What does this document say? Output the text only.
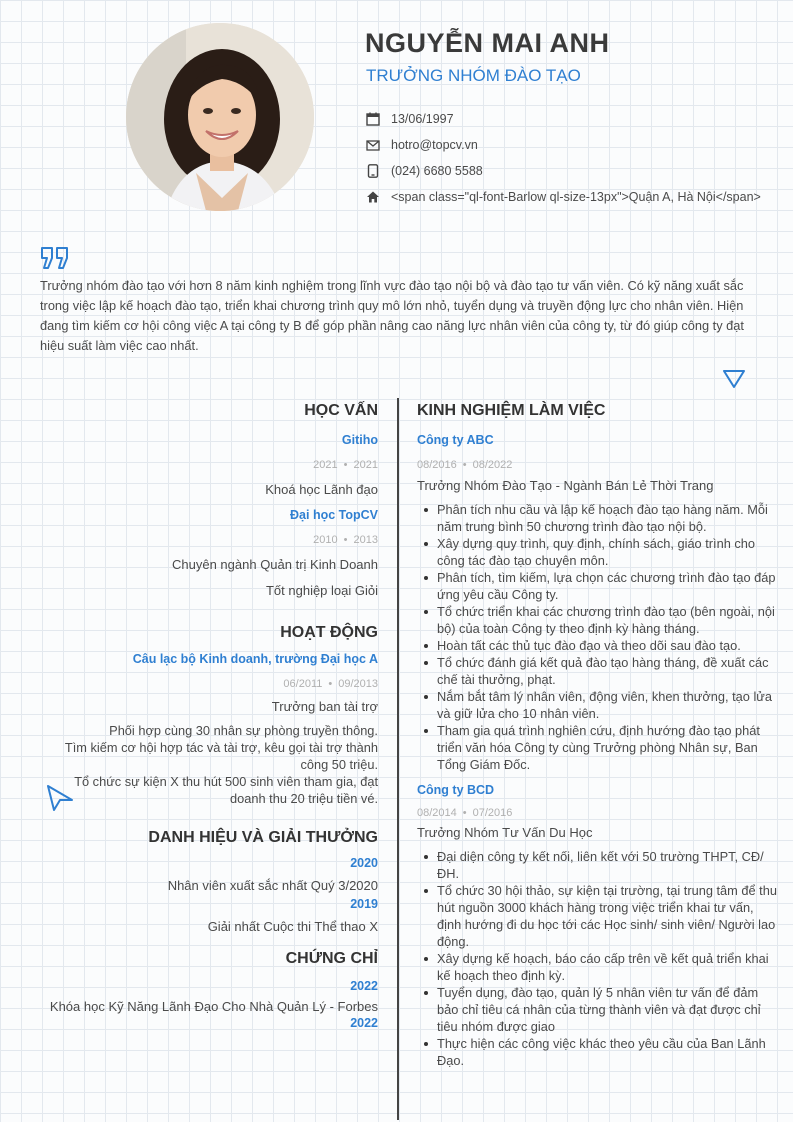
NGUYỄN MAI ANH
TRƯỞNG NHÓM ĐÀO TẠO
13/06/1997
hotro@topcv.vn
(024) 6680 5588
<span class="ql-font-Barlow ql-size-13px">Quận A, Hà Nội</span>
Trưởng nhóm đào tạo với hơn 8 năm kinh nghiệm trong lĩnh vực đào tạo nội bộ và đào tạo tư vấn viên. Có kỹ năng xuất sắc trong việc lập kế hoạch đào tạo, triển khai chương trình quy mô lớn nhỏ, tuyển dụng và truyền động lực cho nhân viên. Hiện đang tìm kiếm cơ hội công việc A tại công ty B để góp phần nâng cao năng lực nhân viên của công ty, từ đó giúp công ty đạt hiệu suất làm việc cao nhất.
HỌC VẤN
Gitiho
2021 • 2021
Khoá học Lãnh đạo
Đại học TopCV
2010 • 2013
Chuyên ngành Quản trị Kinh Doanh
Tốt nghiệp loại Giỏi
HOẠT ĐỘNG
Câu lạc bộ Kinh doanh, trường Đại học A
06/2011 • 09/2013
Trưởng ban tài trợ
Phối hợp cùng 30 nhân sự phòng truyền thông.
Tìm kiếm cơ hội hợp tác và tài trợ, kêu gọi tài trợ thành công 50 triệu.
Tổ chức sự kiện X thu hút 500 sinh viên tham gia, đạt doanh thu 20 triệu tiền vé.
DANH HIỆU VÀ GIẢI THƯỞNG
2020
Nhân viên xuất sắc nhất Quý 3/2020
2019
Giải nhất Cuộc thi Thể thao X
CHỨNG CHỈ
2022
Khóa học Kỹ Năng Lãnh Đạo Cho Nhà Quản Lý - Forbes
2022
KINH NGHIỆM LÀM VIỆC
Công ty ABC
08/2016 • 08/2022
Trưởng Nhóm Đào Tạo - Ngành Bán Lẻ Thời Trang
Phân tích nhu cầu và lập kế hoạch đào tạo hàng năm. Mỗi năm trung bình 50 chương trình đào tạo nội bộ.
Xây dựng quy trình, quy định, chính sách, giáo trình cho công tác đào tạo chuyên môn.
Phân tích, tìm kiếm, lựa chọn các chương trình đào tạo đáp ứng yêu cầu Công ty.
Tổ chức triển khai các chương trình đào tạo (bên ngoài, nội bộ) của toàn Công ty theo định kỳ hàng tháng.
Hoàn tất các thủ tục đào đạo và theo dõi sau đào tạo.
Tổ chức đánh giá kết quả đào tạo hàng tháng, đề xuất các chế tài thưởng, phạt.
Nắm bắt tâm lý nhân viên, động viên, khen thưởng, tạo lửa và giữ lửa cho 10 nhân viên.
Tham gia quá trình nghiên cứu, định hướng đào tạo phát triển văn hóa Công ty cùng Trưởng phòng Nhân sự, Ban Tổng Giám Đốc.
Công ty BCD
08/2014 • 07/2016
Trưởng Nhóm Tư Vấn Du Học
Đại diện công ty kết nối, liên kết với 50 trường THPT, CĐ/ ĐH.
Tổ chức 30 hội thảo, sự kiện tại trường, tại trung tâm để thu hút nguồn 3000 khách hàng trong việc triển khai tư vấn, định hướng đi du học tới các Học sinh/ sinh viên/ Người lao động.
Xây dựng kế hoạch, báo cáo cấp trên về kết quả triển khai kế hoạch theo định kỳ.
Tuyển dụng, đào tạo, quản lý 5 nhân viên tư vấn để đảm bảo chỉ tiêu cá nhân của từng thành viên và đạt được chỉ tiêu nhóm được giao
Thực hiện các công việc khác theo yêu cầu của Ban Lãnh Đạo.
